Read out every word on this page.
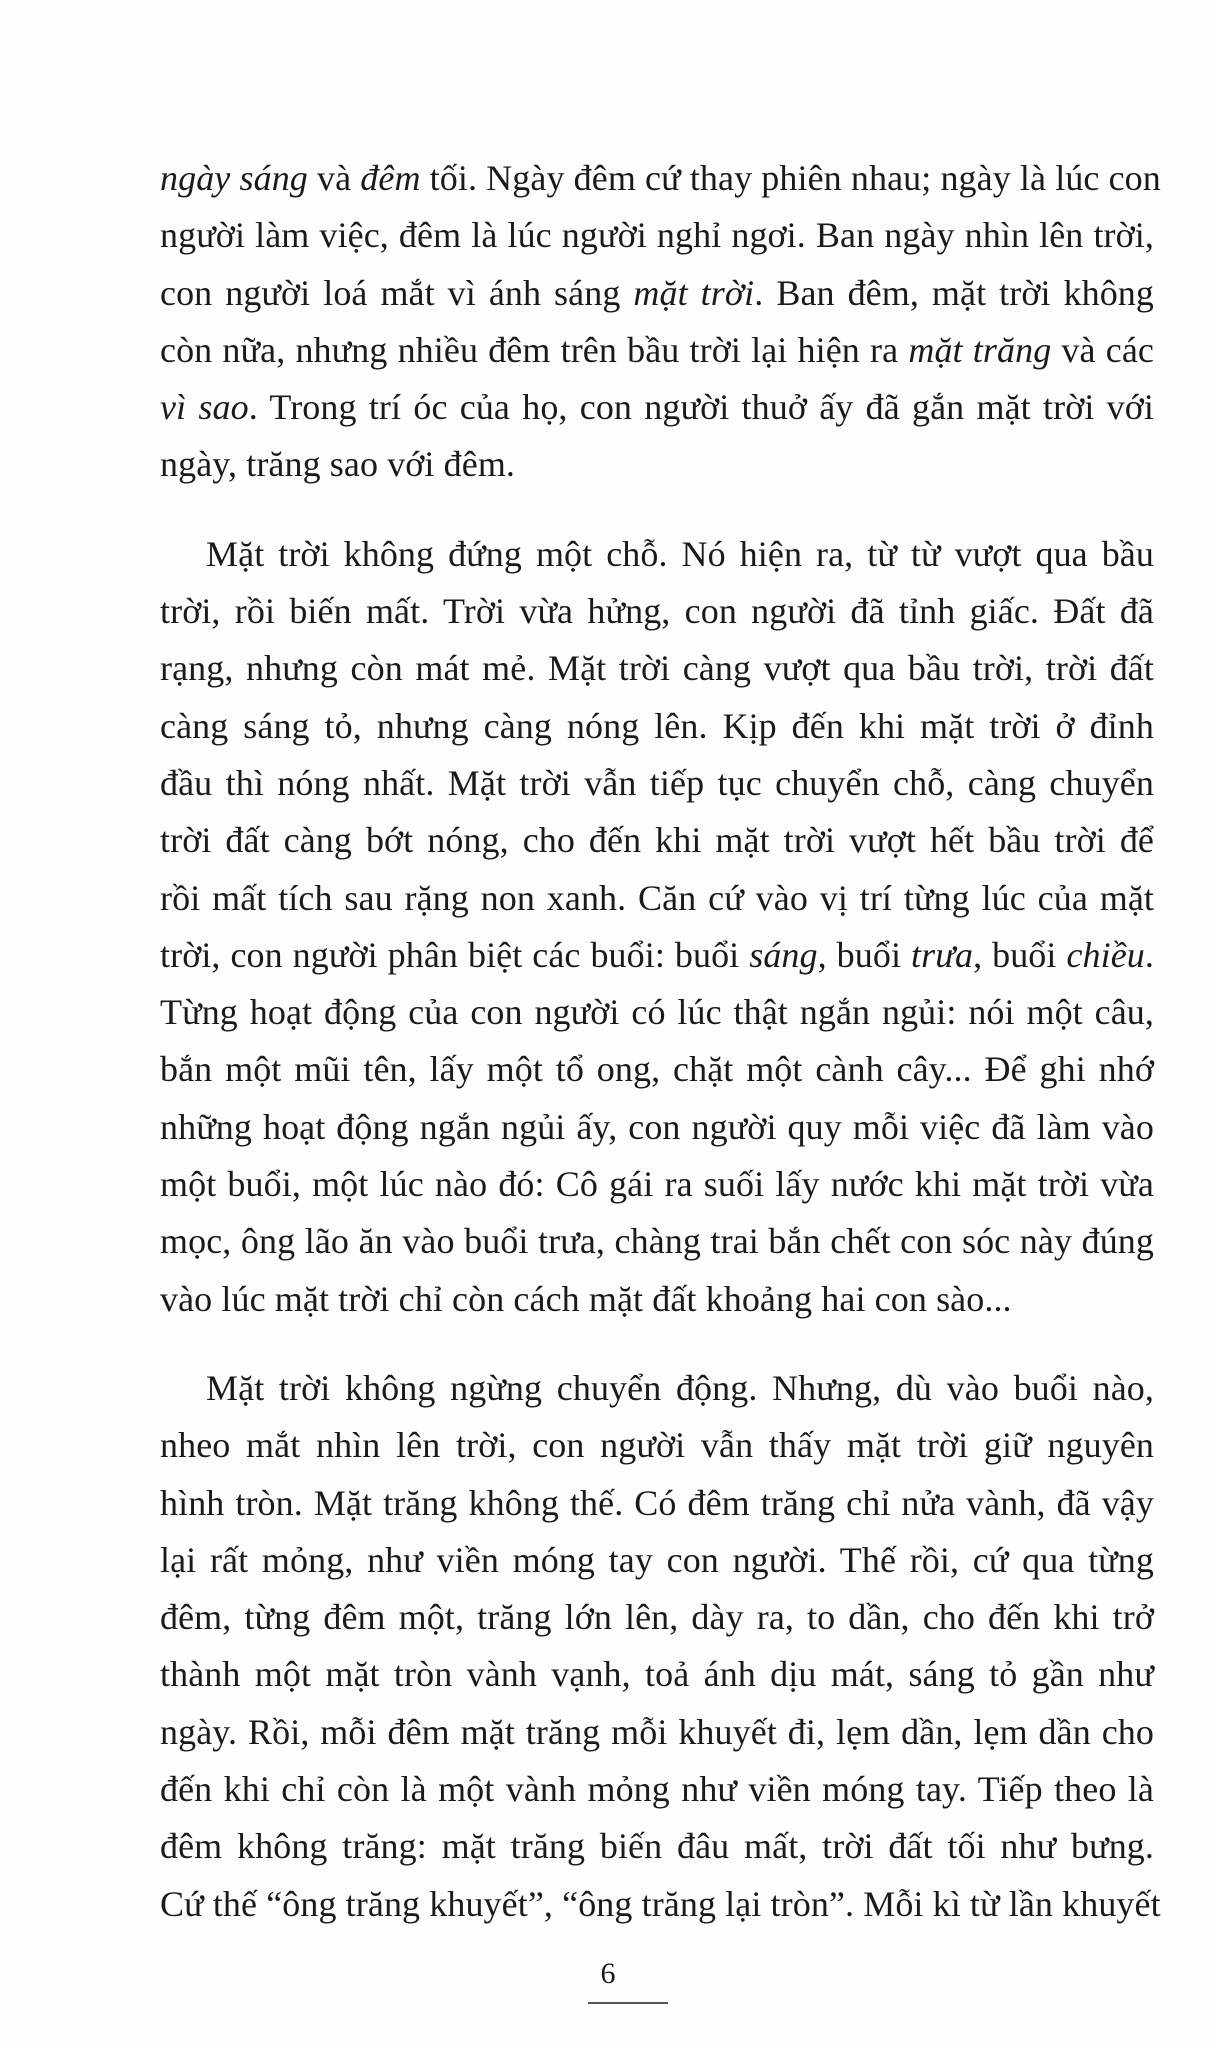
ngày sáng và đêm tối. Ngày đêm cứ thay phiên nhau; ngày là lúc con
người làm việc, đêm là lúc người nghỉ ngơi. Ban ngày nhìn lên trời,
con người loá mắt vì ánh sáng mặt trời. Ban đêm, mặt trời không
còn nữa, nhưng nhiều đêm trên bầu trời lại hiện ra mặt trăng và các
vì sao. Trong trí óc của họ, con người thuở ấy đã gắn mặt trời với
ngày, trăng sao với đêm.

Mặt trời không đứng một chỗ. Nó hiện ra, từ từ vượt qua bầu
trời, rồi biến mất. Trời vừa hửng, con người đã tỉnh giấc. Đất đã
rạng, nhưng còn mát mẻ. Mặt trời càng vượt qua bầu trời, trời đất
càng sáng tỏ, nhưng càng nóng lên. Kịp đến khi mặt trời ở đỉnh
đầu thì nóng nhất. Mặt trời vẫn tiếp tục chuyển chỗ, càng chuyển
trời đất càng bớt nóng, cho đến khi mặt trời vượt hết bầu trời để
rồi mất tích sau rặng non xanh. Căn cứ vào vị trí từng lúc của mặt
trời, con người phân biệt các buổi: buổi sáng, buổi trưa, buổi chiều.
Từng hoạt động của con người có lúc thật ngắn ngủi: nói một câu,
bắn một mũi tên, lấy một tổ ong, chặt một cành cây... Để ghi nhớ
những hoạt động ngắn ngủi ấy, con người quy mỗi việc đã làm vào
một buổi, một lúc nào đó: Cô gái ra suối lấy nước khi mặt trời vừa
mọc, ông lão ăn vào buổi trưa, chàng trai bắn chết con sóc này đúng
vào lúc mặt trời chỉ còn cách mặt đất khoảng hai con sào...

Mặt trời không ngừng chuyển động. Nhưng, dù vào buổi nào,
nheo mắt nhìn lên trời, con người vẫn thấy mặt trời giữ nguyên
hình tròn. Mặt trăng không thế. Có đêm trăng chỉ nửa vành, đã vậy
lại rất mỏng, như viền móng tay con người. Thế rồi, cứ qua từng
đêm, từng đêm một, trăng lớn lên, dày ra, to dần, cho đến khi trở
thành một mặt tròn vành vạnh, toả ánh dịu mát, sáng tỏ gần như
ngày. Rồi, mỗi đêm mặt trăng mỗi khuyết đi, lẹm dần, lẹm dần cho
đến khi chỉ còn là một vành mỏng như viền móng tay. Tiếp theo là
đêm không trăng: mặt trăng biến đâu mất, trời đất tối như bưng.
Cứ thế “ông trăng khuyết”, “ông trăng lại tròn”. Mỗi kì từ lần khuyết

6
